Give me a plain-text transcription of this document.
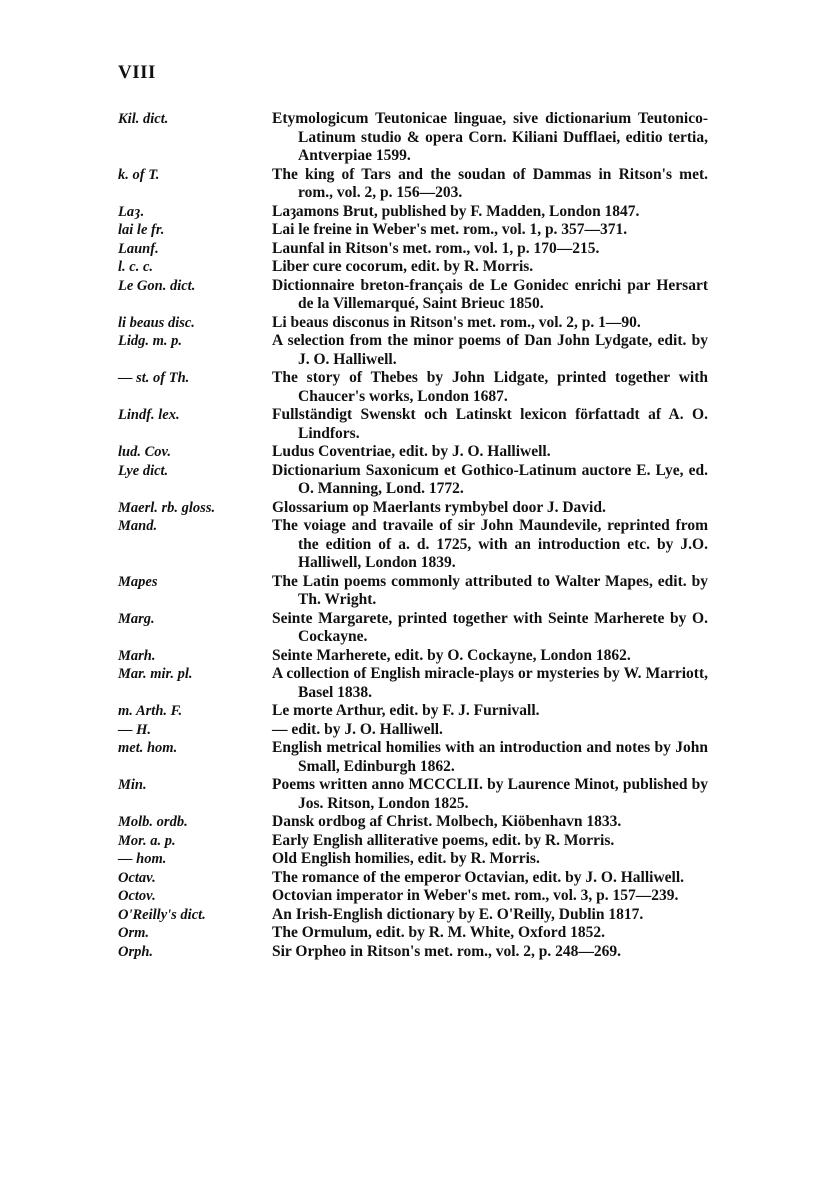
VIII
Kil. dict.	Etymologicum Teutonicae linguae, sive dictionarium Teutonico-Latinum studio & opera Corn. Kiliani Dufflaei, editio tertia, Antverpiae 1599.
k. of T.	The king of Tars and the soudan of Dammas in Ritson's met. rom., vol. 2, p. 156—203.
Laȝ.	Laȝamons Brut, published by F. Madden, London 1847.
lai le fr.	Lai le freine in Weber's met. rom., vol. 1, p. 357—371.
Launf.	Launfal in Ritson's met. rom., vol. 1, p. 170—215.
l. c. c.	Liber cure cocorum, edit. by R. Morris.
Le Gon. dict.	Dictionnaire breton-français de Le Gonidec enrichi par Hersart de la Villemarqué, Saint Brieuc 1850.
li beaus disc.	Li beaus disconus in Ritson's met. rom., vol. 2, p. 1—90.
Lidg. m. p.	A selection from the minor poems of Dan John Lydgate, edit. by J. O. Halliwell.
— st. of Th.	The story of Thebes by John Lidgate, printed together with Chaucer's works, London 1687.
Lindf. lex.	Fullständigt Swenskt och Latinskt lexicon författadt af A. O. Lindfors.
lud. Cov.	Ludus Coventriae, edit. by J. O. Halliwell.
Lye dict.	Dictionarium Saxonicum et Gothico-Latinum auctore E. Lye, ed. O. Manning, Lond. 1772.
Maerl. rb. gloss.	Glossarium op Maerlants rymbybel door J. David.
Mand.	The voiage and travaile of sir John Maundevile, reprinted from the edition of a. d. 1725, with an introduction etc. by J.O. Halliwell, London 1839.
Mapes	The Latin poems commonly attributed to Walter Mapes, edit. by Th. Wright.
Marg.	Seinte Margarete, printed together with Seinte Marherete by O. Cockayne.
Marh.	Seinte Marherete, edit. by O. Cockayne, London 1862.
Mar. mir. pl.	A collection of English miracle-plays or mysteries by W. Marriott, Basel 1838.
m. Arth. F.	Le morte Arthur, edit. by F. J. Furnivall.
— H.	— edit. by J. O. Halliwell.
met. hom.	English metrical homilies with an introduction and notes by John Small, Edinburgh 1862.
Min.	Poems written anno MCCCLII. by Laurence Minot, published by Jos. Ritson, London 1825.
Molb. ordb.	Dansk ordbog af Christ. Molbech, Kiöbenhavn 1833.
Mor. a. p.	Early English alliterative poems, edit. by R. Morris.
— hom.	Old English homilies, edit. by R. Morris.
Octav.	The romance of the emperor Octavian, edit. by J. O. Halliwell.
Octov.	Octovian imperator in Weber's met. rom., vol. 3, p. 157—239.
O'Reilly's dict.	An Irish-English dictionary by E. O'Reilly, Dublin 1817.
Orm.	The Ormulum, edit. by R. M. White, Oxford 1852.
Orph.	Sir Orpheo in Ritson's met. rom., vol. 2, p. 248—269.
